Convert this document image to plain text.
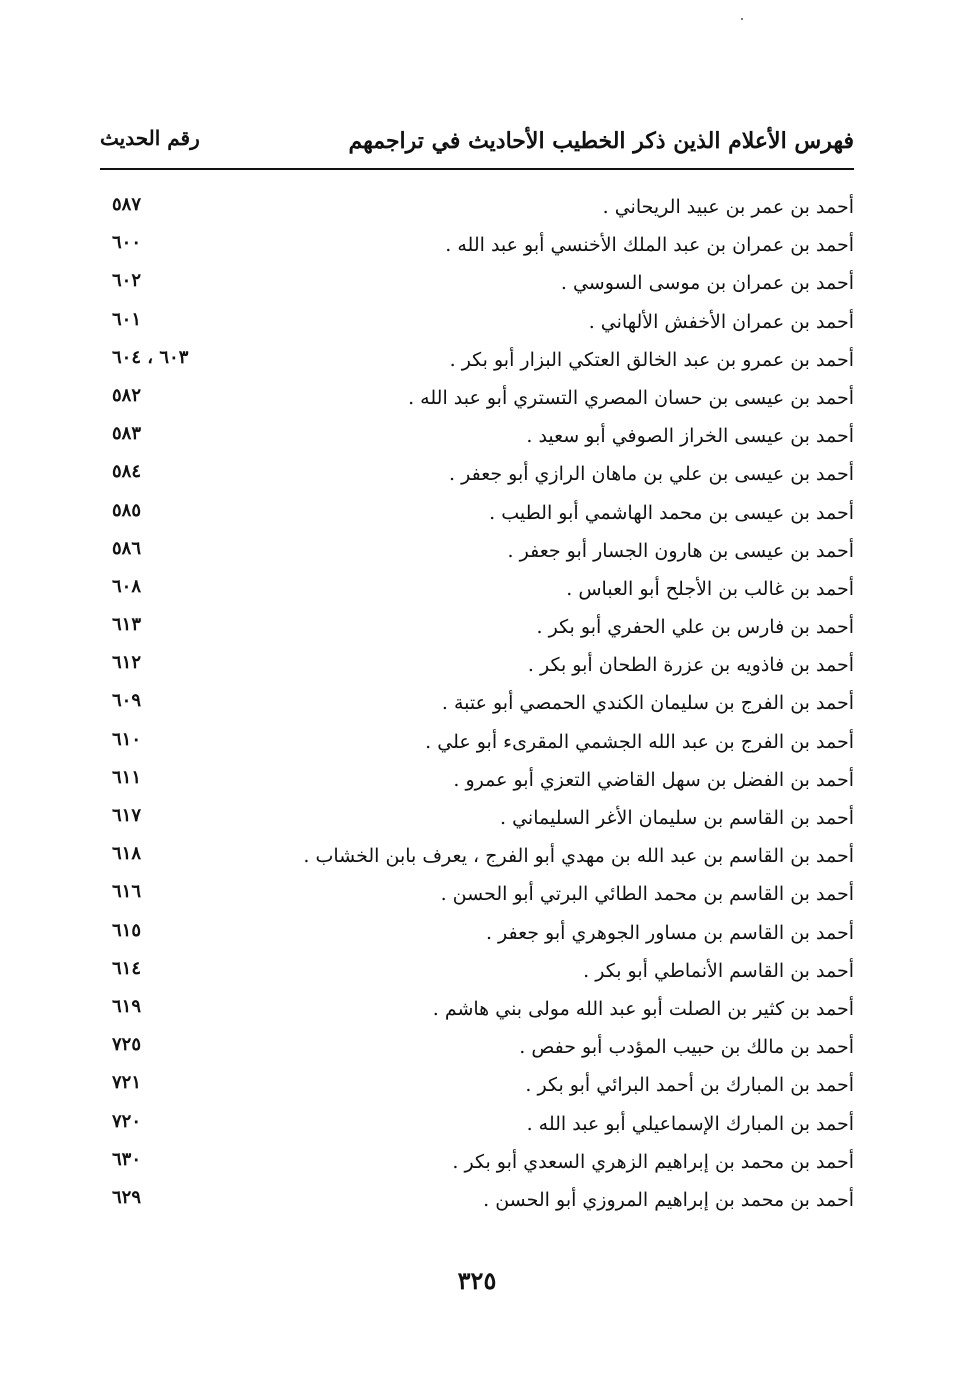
فهرس الأعلام الذين ذكر الخطيب الأحاديث في تراجمهم
رقم الحديث
أحمد بن عمر بن عبيد الريحاني .
٥٨٧
أحمد بن عمران بن عبد الملك الأخنسي أبو عبد الله .
٦٠٠
أحمد بن عمران بن موسى السوسي .
٦٠٢
أحمد بن عمران الأخفش الألهاني .
٦٠١
أحمد بن عمرو بن عبد الخالق العتكي البزار أبو بكر .
٦٠٣ ، ٦٠٤
أحمد بن عيسى بن حسان المصري التستري أبو عبد الله .
٥٨٢
أحمد بن عيسى الخراز الصوفي أبو سعيد .
٥٨٣
أحمد بن عيسى بن علي بن ماهان الرازي أبو جعفر .
٥٨٤
أحمد بن عيسى بن محمد الهاشمي أبو الطيب .
٥٨٥
أحمد بن عيسى بن هارون الجسار أبو جعفر .
٥٨٦
أحمد بن غالب بن الأجلح أبو العباس .
٦٠٨
أحمد بن فارس بن علي الحفري أبو بكر .
٦١٣
أحمد بن فاذويه بن عزرة الطحان أبو بكر .
٦١٢
أحمد بن الفرج بن سليمان الكندي الحمصي أبو عتبة .
٦٠٩
أحمد بن الفرج بن عبد الله الجشمي المقرىء أبو علي .
٦١٠
أحمد بن الفضل بن سهل القاضي التعزي أبو عمرو .
٦١١
أحمد بن القاسم بن سليمان الأغر السليماني .
٦١٧
أحمد بن القاسم بن عبد الله بن مهدي أبو الفرج ، يعرف بابن الخشاب .
٦١٨
أحمد بن القاسم بن محمد الطائي البرتي أبو الحسن .
٦١٦
أحمد بن القاسم بن مساور الجوهري أبو جعفر .
٦١٥
أحمد بن القاسم الأنماطي أبو بكر .
٦١٤
أحمد بن كثير بن الصلت أبو عبد الله مولى بني هاشم .
٦١٩
أحمد بن مالك بن حبيب المؤدب أبو حفص .
٧٢٥
أحمد بن المبارك بن أحمد البرائي أبو بكر .
٧٢١
أحمد بن المبارك الإسماعيلي أبو عبد الله .
٧٢٠
أحمد بن محمد بن إبراهيم الزهري السعدي أبو بكر .
٦٣٠
أحمد بن محمد بن إبراهيم المروزي أبو الحسن .
٦٢٩
٣٢٥
